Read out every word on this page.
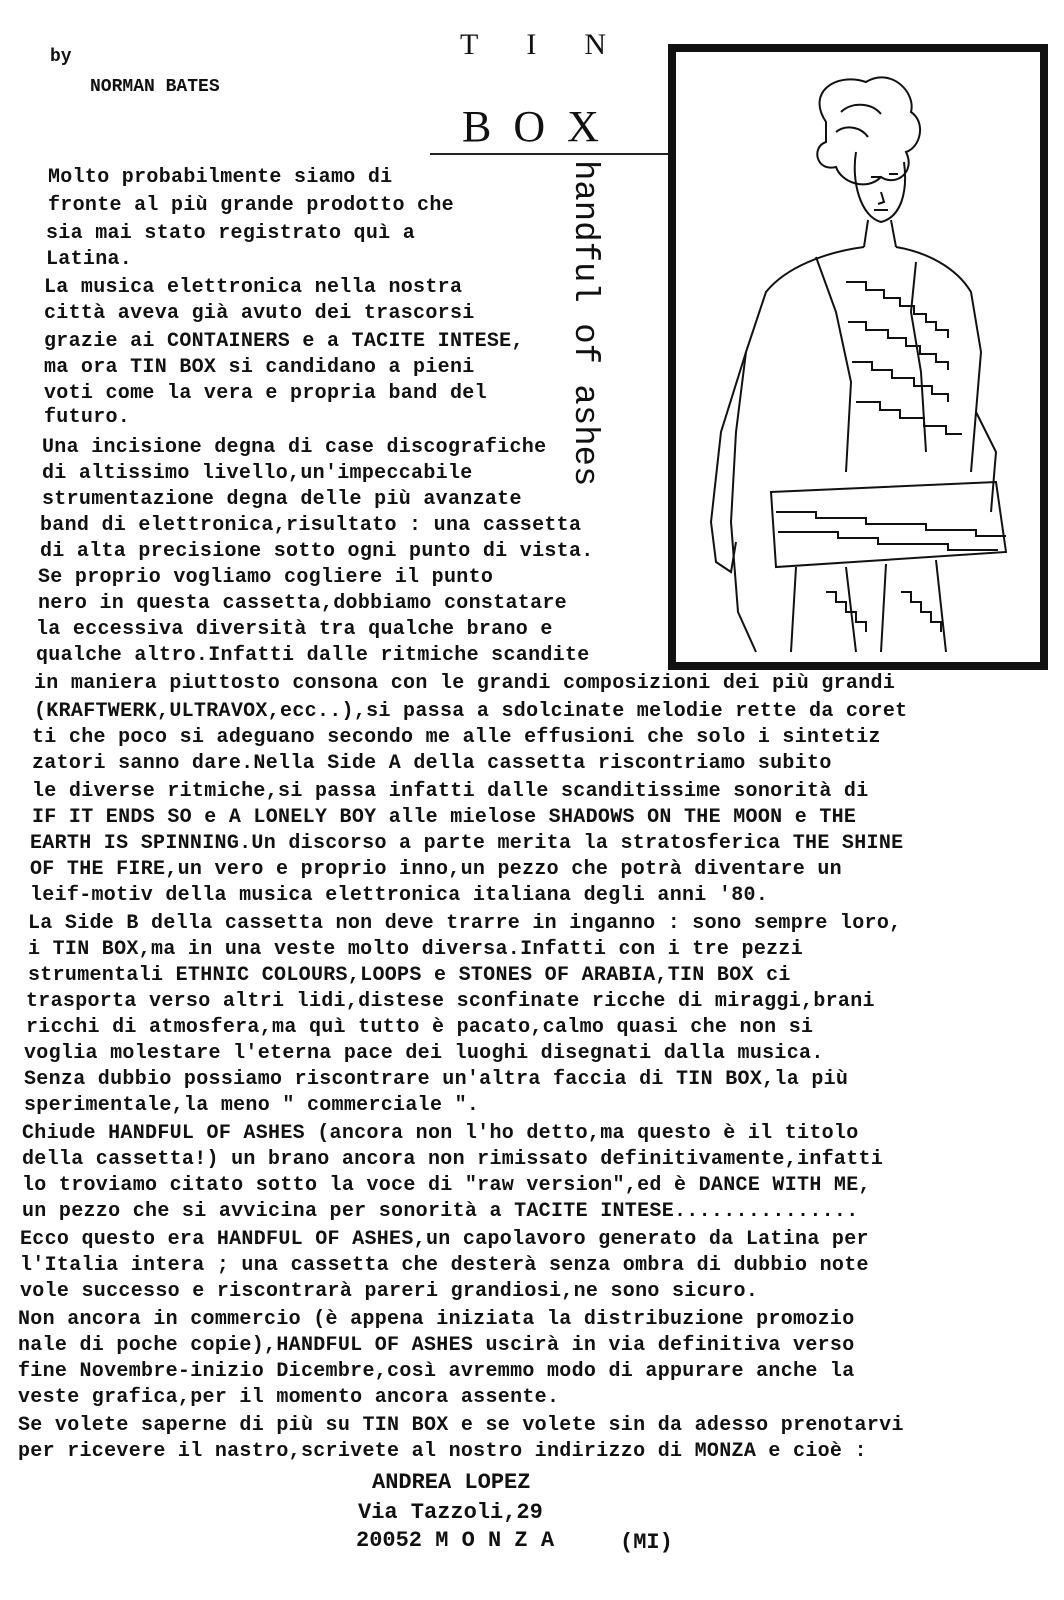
by
NORMAN BATES
TIN
BOX
handful of ashes
Molto probabilmente siamo di
fronte al più grande prodotto che
sia mai stato registrato quì a
Latina.
La musica elettronica nella nostra
città aveva già avuto dei trascorsi
grazie ai CONTAINERS e a TACITE INTESE,
ma ora TIN BOX si candidano a pieni
voti come la vera e propria band del
futuro.
Una incisione degna di case discografiche
di altissimo livello,un'impeccabile
strumentazione degna delle più avanzate
band di elettronica,risultato : una cassetta
di alta precisione sotto ogni punto di vista.
Se proprio vogliamo cogliere il punto
nero in questa cassetta,dobbiamo constatare
la eccessiva diversità tra qualche brano e
qualche altro.Infatti dalle ritmiche scandite
in maniera piuttosto consona con le grandi composizioni dei più grandi
(KRAFTWERK,ULTRAVOX,ecc..),si passa a sdolcinate melodie rette da coret
ti che poco si adeguano secondo me alle effusioni che solo i sintetiz
zatori sanno dare.Nella Side A della cassetta riscontriamo subito
le diverse ritmiche,si passa infatti dalle scanditissime sonorità di
IF IT ENDS SO e A LONELY BOY alle mielose SHADOWS ON THE MOON e THE
EARTH IS SPINNING.Un discorso a parte merita la stratosferica THE SHINE
OF THE FIRE,un vero e proprio inno,un pezzo che potrà diventare un
leif-motiv della musica elettronica italiana degli anni '80.
La Side B della cassetta non deve trarre in inganno : sono sempre loro,
i TIN BOX,ma in una veste molto diversa.Infatti con i tre pezzi
strumentali ETHNIC COLOURS,LOOPS e STONES OF ARABIA,TIN BOX ci
trasporta verso altri lidi,distese sconfinate ricche di miraggi,brani
ricchi di atmosfera,ma quì tutto è pacato,calmo quasi che non si
voglia molestare l'eterna pace dei luoghi disegnati dalla musica.
Senza dubbio possiamo riscontrare un'altra faccia di TIN BOX,la più
sperimentale,la meno " commerciale ".
Chiude HANDFUL OF ASHES (ancora non l'ho detto,ma questo è il titolo
della cassetta!) un brano ancora non rimissato definitivamente,infatti
lo troviamo citato sotto la voce di "raw version",ed è DANCE WITH ME,
un pezzo che si avvicina per sonorità a TACITE INTESE...............
Ecco questo era HANDFUL OF ASHES,un capolavoro generato da Latina per
l'Italia intera ; una cassetta che desterà senza ombra di dubbio note
vole successo e riscontrarà pareri grandiosi,ne sono sicuro.
Non ancora in commercio (è appena iniziata la distribuzione promozio
nale di poche copie),HANDFUL OF ASHES uscirà in via definitiva verso
fine Novembre-inizio Dicembre,così avremmo modo di appurare anche la
veste grafica,per il momento ancora assente.
Se volete saperne di più su TIN BOX e se volete sin da adesso prenotarvi
per ricevere il nastro,scrivete al nostro indirizzo di MONZA e cioè :
ANDREA LOPEZ
Via Tazzoli,29
20052 M O N Z A	(MI)
